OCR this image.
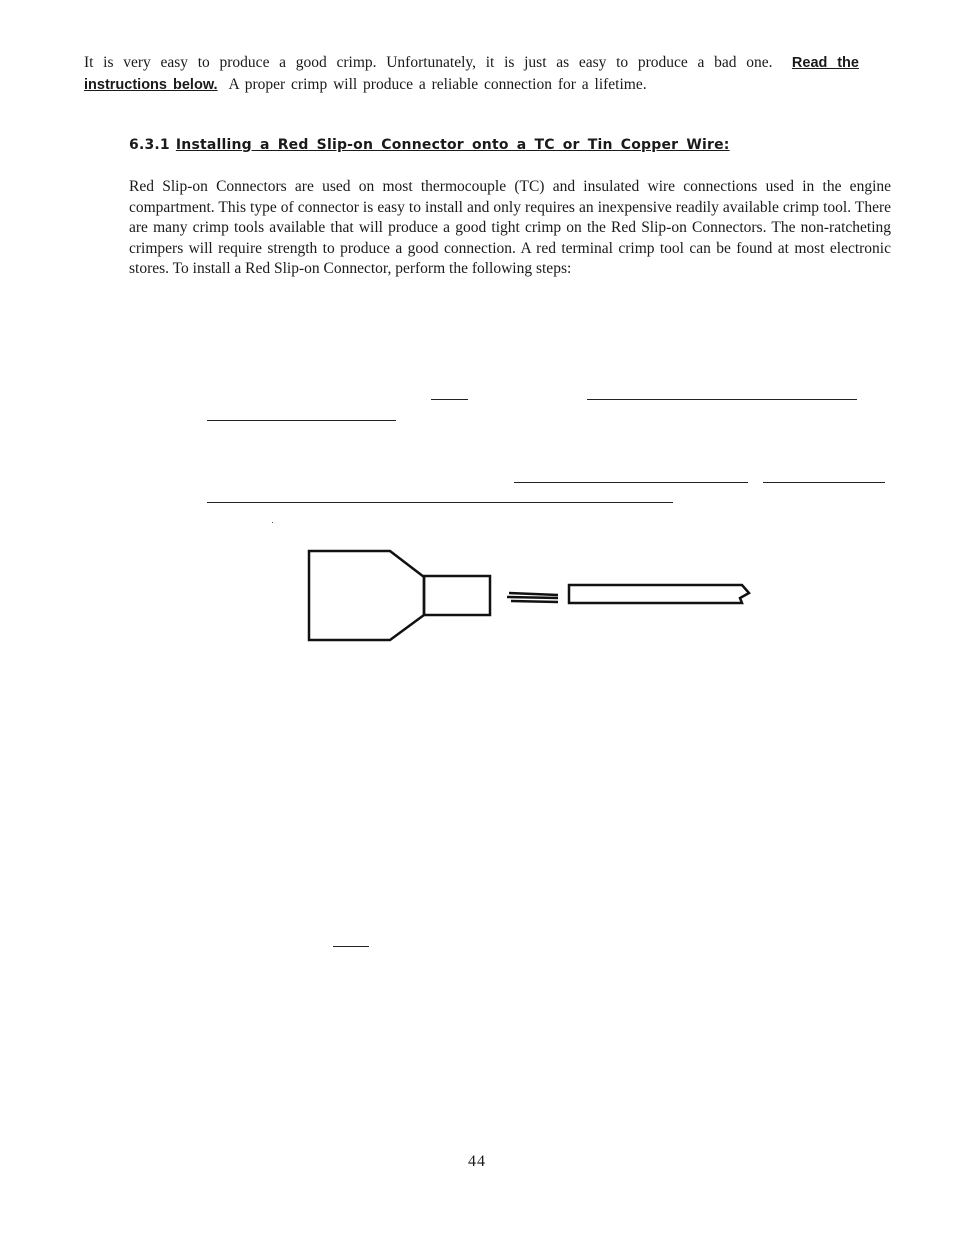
It is very easy to produce a good crimp. Unfortunately, it is just as easy to produce a bad one. Read the instructions below. A proper crimp will produce a reliable connection for a lifetime.
6.3.1 Installing a Red Slip-on Connector onto a TC or Tin Copper Wire:
Red Slip-on Connectors are used on most thermocouple (TC) and insulated wire connections used in the engine compartment. This type of connector is easy to install and only requires an inexpensive readily available crimp tool. There are many crimp tools available that will produce a good tight crimp on the Red Slip-on Connectors. The non-ratcheting crimpers will require strength to produce a good connection. A red terminal crimp tool can be found at most electronic stores. To install a Red Slip-on Connector, perform the following steps:
44
